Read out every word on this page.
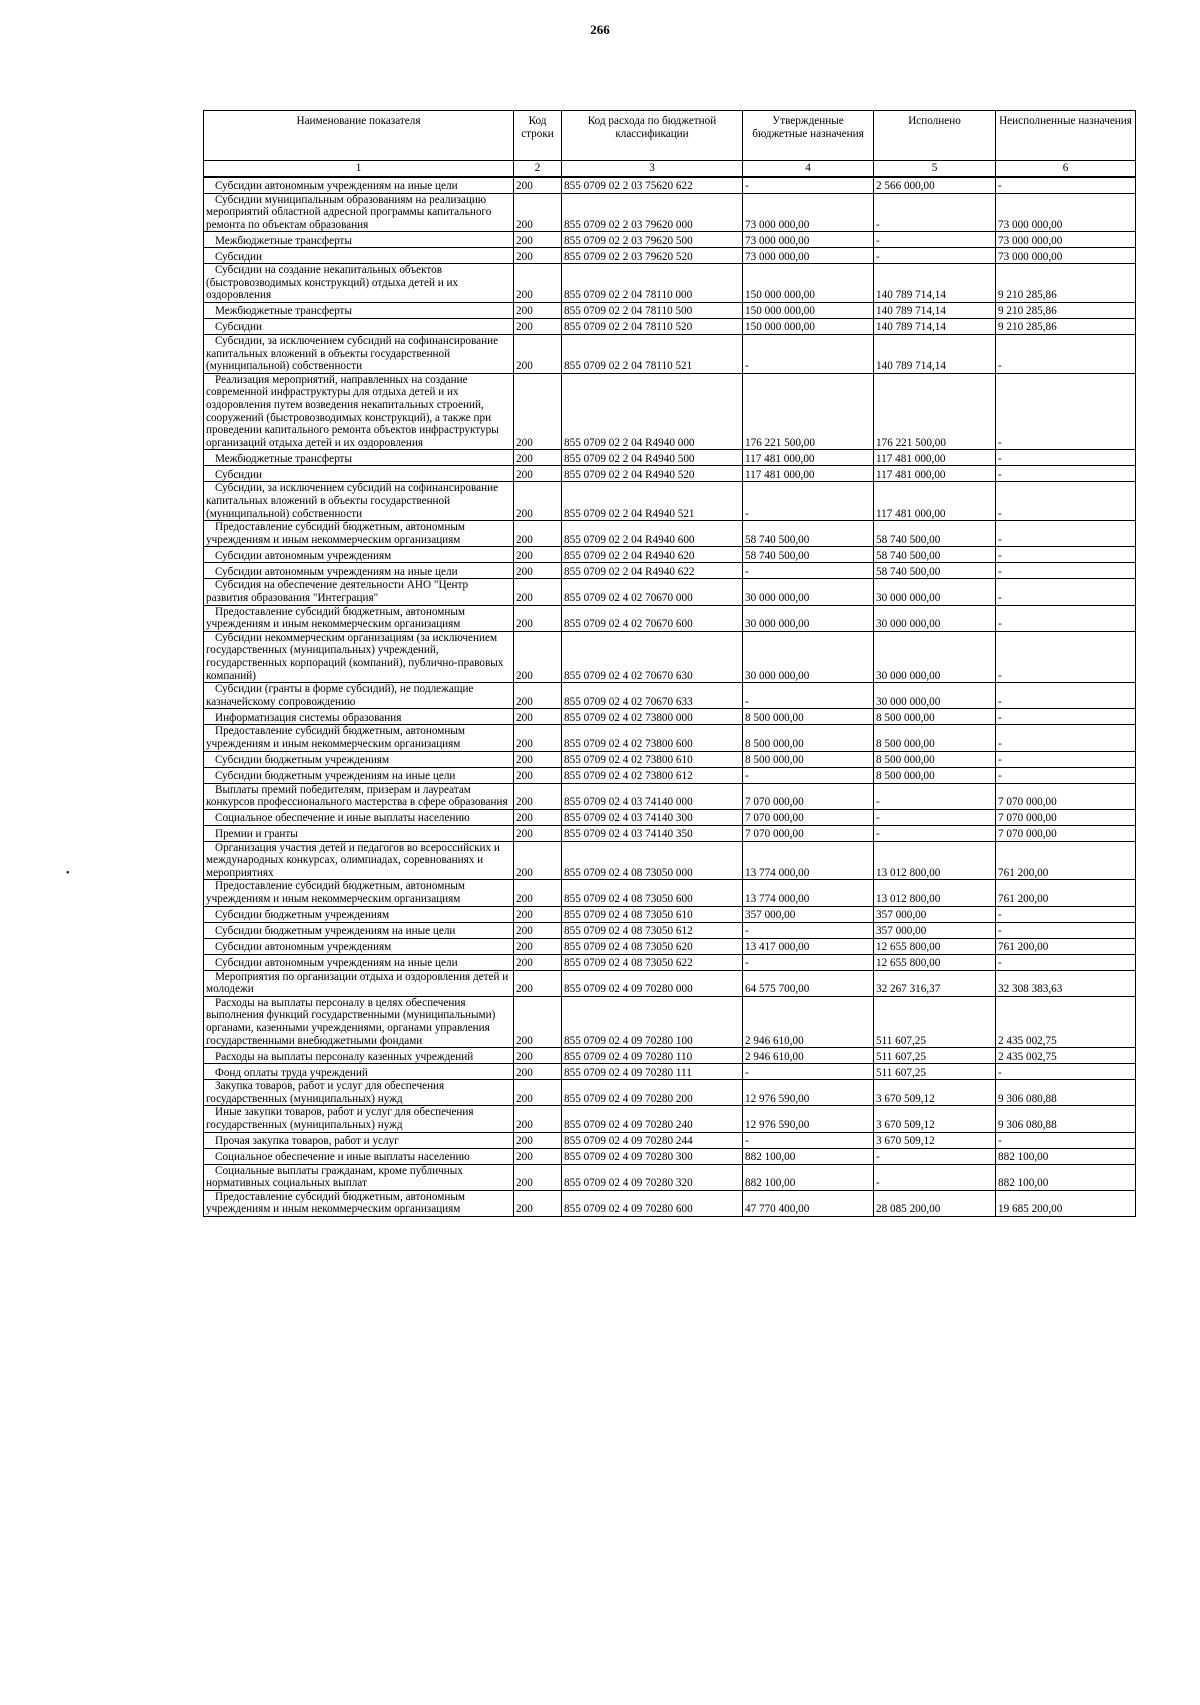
266
•
Наименование показателя	Код строки	Код расхода по бюджетной классификации	Утвержденные бюджетные назначения	Исполнено	Неисполненные назначения
1	2	3	4	5	6

Субсидии автономным учреждениям на иные цели	200	855 0709 02 2 03 75620 622	-	2 566 000,00	-

Субсидии муниципальным образованиям на реализацию мероприятий областной адресной программы капитального ремонта по объектам образования	200	855 0709 02 2 03 79620 000	73 000 000,00	-	73 000 000,00

Межбюджетные трансферты	200	855 0709 02 2 03 79620 500	73 000 000,00	-	73 000 000,00

Субсидии	200	855 0709 02 2 03 79620 520	73 000 000,00	-	73 000 000,00

Субсидии на создание некапитальных объектов (быстровозводимых конструкций) отдыха детей и их оздоровления	200	855 0709 02 2 04 78110 000	150 000 000,00	140 789 714,14	9 210 285,86

Межбюджетные трансферты	200	855 0709 02 2 04 78110 500	150 000 000,00	140 789 714,14	9 210 285,86

Субсидии	200	855 0709 02 2 04 78110 520	150 000 000,00	140 789 714,14	9 210 285,86

Субсидии, за исключением субсидий на софинансирование капитальных вложений в объекты государственной (муниципальной) собственности	200	855 0709 02 2 04 78110 521	-	140 789 714,14	-

Реализация мероприятий, направленных на создание современной инфраструктуры для отдыха детей и их оздоровления путем возведения некапитальных строений, сооружений (быстровозводимых конструкций), а также при проведении капитального ремонта объектов инфраструктуры организаций отдыха детей и их оздоровления	200	855 0709 02 2 04 R4940 000	176 221 500,00	176 221 500,00	-

Межбюджетные трансферты	200	855 0709 02 2 04 R4940 500	117 481 000,00	117 481 000,00	-

Субсидии	200	855 0709 02 2 04 R4940 520	117 481 000,00	117 481 000,00	-

Субсидии, за исключением субсидий на софинансирование капитальных вложений в объекты государственной (муниципальной) собственности	200	855 0709 02 2 04 R4940 521	-	117 481 000,00	-

Предоставление субсидий бюджетным, автономным учреждениям и иным некоммерческим организациям	200	855 0709 02 2 04 R4940 600	58 740 500,00	58 740 500,00	-

Субсидии автономным учреждениям	200	855 0709 02 2 04 R4940 620	58 740 500,00	58 740 500,00	-

Субсидии автономным учреждениям на иные цели	200	855 0709 02 2 04 R4940 622	-	58 740 500,00	-

Субсидия на обеспечение деятельности АНО "Центр развития образования "Интеграция"	200	855 0709 02 4 02 70670 000	30 000 000,00	30 000 000,00	-

Предоставление субсидий бюджетным, автономным учреждениям и иным некоммерческим организациям	200	855 0709 02 4 02 70670 600	30 000 000,00	30 000 000,00	-

Субсидии некоммерческим организациям (за исключением государственных (муниципальных) учреждений, государственных корпораций (компаний), публично-правовых компаний)	200	855 0709 02 4 02 70670 630	30 000 000,00	30 000 000,00	-

Субсидии (гранты в форме субсидий), не подлежащие казначейскому сопровождению	200	855 0709 02 4 02 70670 633	-	30 000 000,00	-

Информатизация системы образования	200	855 0709 02 4 02 73800 000	8 500 000,00	8 500 000,00	-

Предоставление субсидий бюджетным, автономным учреждениям и иным некоммерческим организациям	200	855 0709 02 4 02 73800 600	8 500 000,00	8 500 000,00	-

Субсидии бюджетным учреждениям	200	855 0709 02 4 02 73800 610	8 500 000,00	8 500 000,00	-

Субсидии бюджетным учреждениям на иные цели	200	855 0709 02 4 02 73800 612	-	8 500 000,00	-

Выплаты премий победителям, призерам и лауреатам конкурсов профессионального мастерства в сфере образования	200	855 0709 02 4 03 74140 000	7 070 000,00	-	7 070 000,00

Социальное обеспечение и иные выплаты населению	200	855 0709 02 4 03 74140 300	7 070 000,00	-	7 070 000,00

Премии и гранты	200	855 0709 02 4 03 74140 350	7 070 000,00	-	7 070 000,00

Организация участия детей и педагогов во всероссийских и международных конкурсах, олимпиадах, соревнованиях и мероприятиях	200	855 0709 02 4 08 73050 000	13 774 000,00	13 012 800,00	761 200,00

Предоставление субсидий бюджетным, автономным учреждениям и иным некоммерческим организациям	200	855 0709 02 4 08 73050 600	13 774 000,00	13 012 800,00	761 200,00

Субсидии бюджетным учреждениям	200	855 0709 02 4 08 73050 610	357 000,00	357 000,00	-

Субсидии бюджетным учреждениям на иные цели	200	855 0709 02 4 08 73050 612	-	357 000,00	-

Субсидии автономным учреждениям	200	855 0709 02 4 08 73050 620	13 417 000,00	12 655 800,00	761 200,00

Субсидии автономным учреждениям на иные цели	200	855 0709 02 4 08 73050 622	-	12 655 800,00	-

Мероприятия по организации отдыха и оздоровления детей и молодежи	200	855 0709 02 4 09 70280 000	64 575 700,00	32 267 316,37	32 308 383,63

Расходы на выплаты персоналу в целях обеспечения выполнения функций государственными (муниципальными) органами, казенными учреждениями, органами управления государственными внебюджетными фондами	200	855 0709 02 4 09 70280 100	2 946 610,00	511 607,25	2 435 002,75

Расходы на выплаты персоналу казенных учреждений	200	855 0709 02 4 09 70280 110	2 946 610,00	511 607,25	2 435 002,75

Фонд оплаты труда учреждений	200	855 0709 02 4 09 70280 111	-	511 607,25	-

Закупка товаров, работ и услуг для обеспечения государственных (муниципальных) нужд	200	855 0709 02 4 09 70280 200	12 976 590,00	3 670 509,12	9 306 080,88

Иные закупки товаров, работ и услуг для обеспечения государственных (муниципальных) нужд	200	855 0709 02 4 09 70280 240	12 976 590,00	3 670 509,12	9 306 080,88

Прочая закупка товаров, работ и услуг	200	855 0709 02 4 09 70280 244	-	3 670 509,12	-

Социальное обеспечение и иные выплаты населению	200	855 0709 02 4 09 70280 300	882 100,00	-	882 100,00

Социальные выплаты гражданам, кроме публичных нормативных социальных выплат	200	855 0709 02 4 09 70280 320	882 100,00	-	882 100,00

Предоставление субсидий бюджетным, автономным учреждениям и иным некоммерческим организациям	200	855 0709 02 4 09 70280 600	47 770 400,00	28 085 200,00	19 685 200,00
